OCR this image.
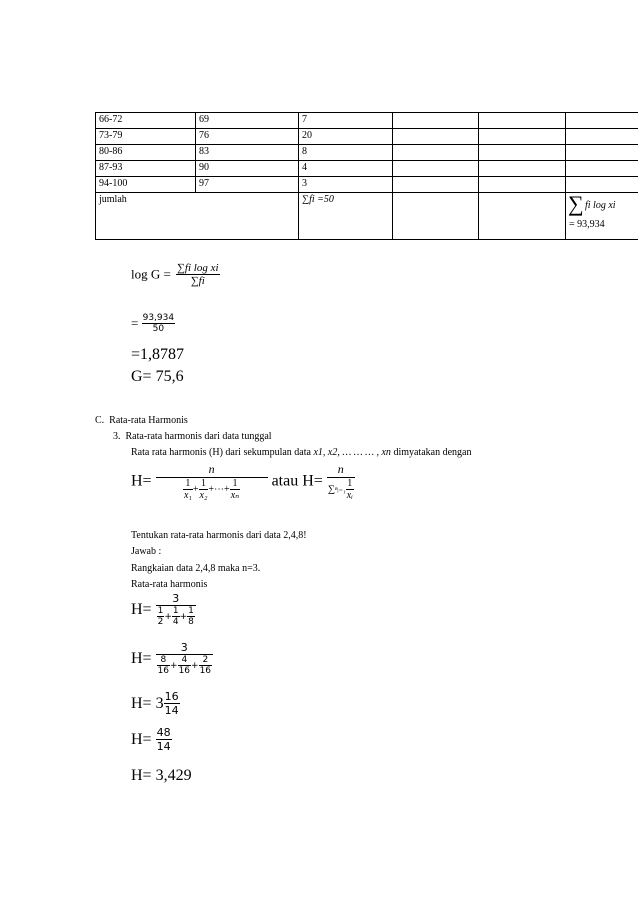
66-72	69	7			
73-79	76	20			
80-86	83	8			
87-93	90	4			
94-100	97	3			
jumlah		∑fi =50			∑ fi log xi
= 93,934
$\log G = \frac{\text{∑fi log xi}}{\sum fi}$
= $\frac{93,934}{50}$
=1,8787
G= 75,6
C.  Rata-rata Harmonis
3.  Rata-rata harmonis dari data tunggal
Rata rata harmonis (H) dari sekumpulan data x1, x2, … … … , xn dimyatakan dengan
$H= \frac{n}{\frac{1}{\text{x₁}} + \frac{1}{\text{x₂}} +\cdots+ \frac{1}{\text{xₙ}}}$ atau $H= \frac{n}{\sum^nᵢ_{=1} \frac{1}{\text{xᵢ}}}$
Tentukan rata-rata harmonis dari data 2,4,8!
Jawab :
Rangkaian data 2,4,8 maka n=3.
Rata-rata harmonis
$H= \frac{3}{\frac{1}{2} + \frac{1}{4} + \frac{1}{8}}$
$H= \frac{3}{\frac{8}{16} + \frac{4}{16} + \frac{2}{16}}$
$H= 3 \frac{16}{14}$
$H= \frac{48}{14}$
H= 3,429
